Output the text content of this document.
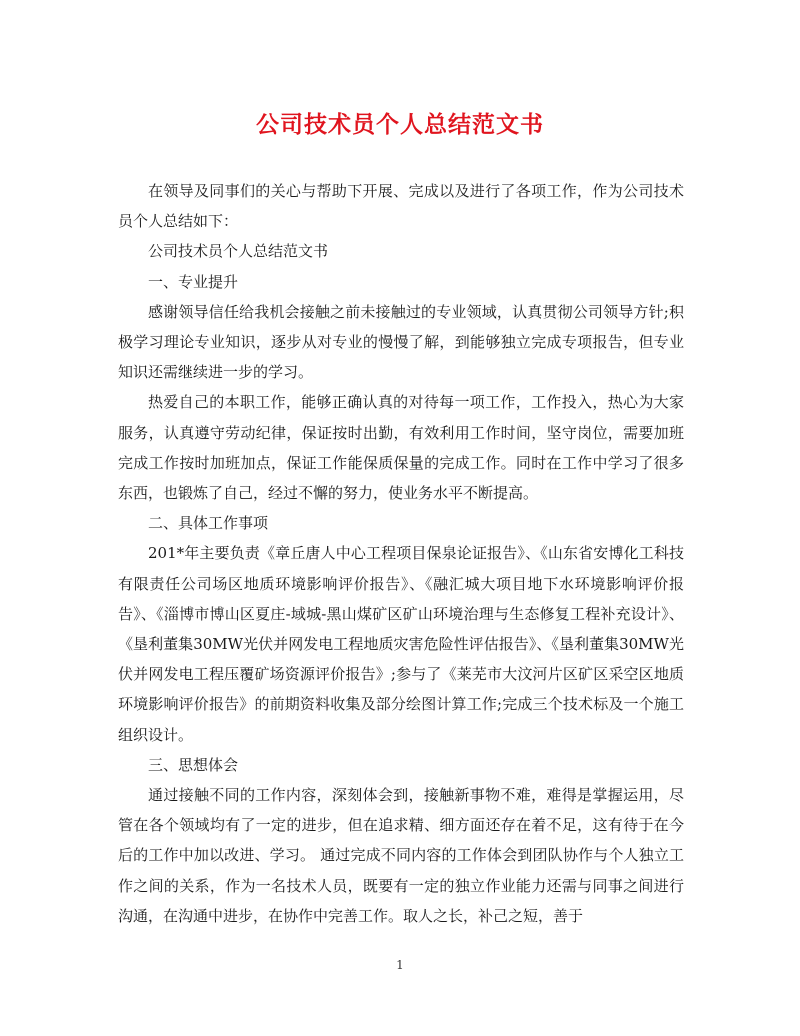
公司技术员个人总结范文书

在领导及同事们的关心与帮助下开展、完成以及进行了各项工作，作为公司技术员个人总结如下：

公司技术员个人总结范文书

一、专业提升

感谢领导信任给我机会接触之前未接触过的专业领域，认真贯彻公司领导方针;积极学习理论专业知识，逐步从对专业的慢慢了解，到能够独立完成专项报告，但专业知识还需继续进一步的学习。

热爱自己的本职工作，能够正确认真的对待每一项工作，工作投入，热心为大家服务，认真遵守劳动纪律，保证按时出勤，有效利用工作时间，坚守岗位，需要加班完成工作按时加班加点，保证工作能保质保量的完成工作。同时在工作中学习了很多东西，也锻炼了自己，经过不懈的努力，使业务水平不断提高。

二、具体工作事项

201*年主要负责《章丘唐人中心工程项目保泉论证报告》、《山东省安博化工科技有限责任公司场区地质环境影响评价报告》、《融汇城大项目地下水环境影响评价报告》、《淄博市博山区夏庄-域城-黑山煤矿区矿山环境治理与生态修复工程补充设计》、《垦利董集30MW光伏并网发电工程地质灾害危险性评估报告》、《垦利董集30MW光伏并网发电工程压覆矿场资源评价报告》;参与了《莱芜市大汶河片区矿区采空区地质环境影响评价报告》的前期资料收集及部分绘图计算工作;完成三个技术标及一个施工组织设计。

三、思想体会

通过接触不同的工作内容，深刻体会到，接触新事物不难，难得是掌握运用，尽管在各个领域均有了一定的进步，但在追求精、细方面还存在着不足，这有待于在今后的工作中加以改进、学习。 通过完成不同内容的工作体会到团队协作与个人独立工作之间的关系，作为一名技术人员，既要有一定的独立作业能力还需与同事之间进行沟通，在沟通中进步，在协作中完善工作。取人之长，补己之短，善于

1
